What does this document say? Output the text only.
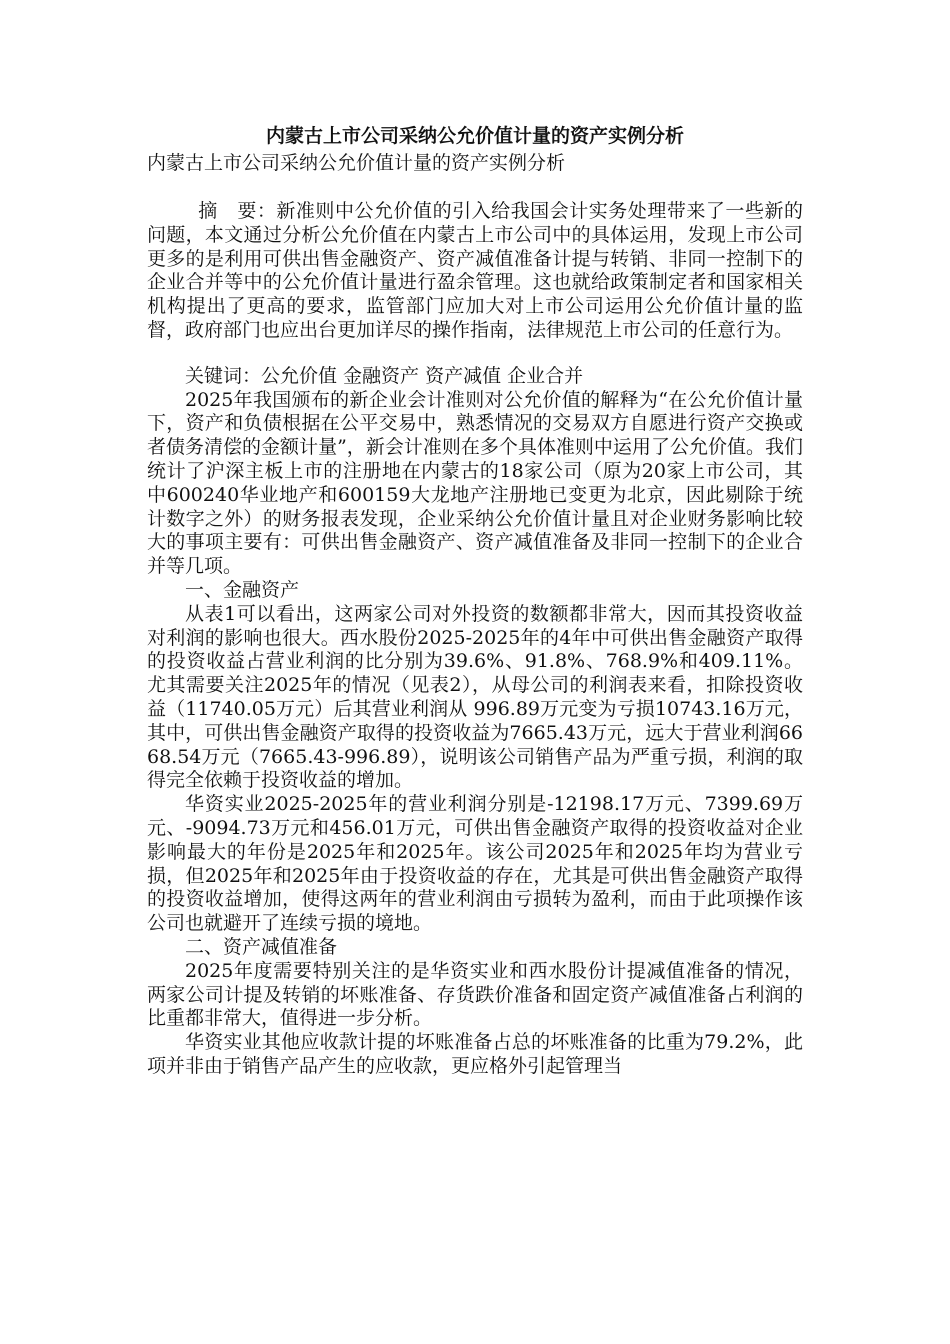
内蒙古上市公司采纳公允价值计量的资产实例分析

内蒙古上市公司采纳公允价值计量的资产实例分析

摘　要：新准则中公允价值的引入给我国会计实务处理带来了一些新的问题，本文通过分析公允价值在内蒙古上市公司中的具体运用，发现上市公司更多的是利用可供出售金融资产、资产减值准备计提与转销、非同一控制下的企业合并等中的公允价值计量进行盈余管理。这也就给政策制定者和国家相关机构提出了更高的要求，监管部门应加大对上市公司运用公允价值计量的监督，政府部门也应出台更加详尽的操作指南，法律规范上市公司的任意行为。

关键词：公允价值 金融资产 资产减值 企业合并

2025年我国颁布的新企业会计准则对公允价值的解释为“在公允价值计量下，资产和负债根据在公平交易中，熟悉情况的交易双方自愿进行资产交换或者债务清偿的金额计量”，新会计准则在多个具体准则中运用了公允价值。我们统计了沪深主板上市的注册地在内蒙古的18家公司（原为20家上市公司，其中600240华业地产和600159大龙地产注册地已变更为北京，因此剔除于统计数字之外）的财务报表发现，企业采纳公允价值计量且对企业财务影响比较大的事项主要有：可供出售金融资产、资产减值准备及非同一控制下的企业合并等几项。

一、金融资产

从表1可以看出，这两家公司对外投资的数额都非常大，因而其投资收益对利润的影响也很大。西水股份2025-2025年的4年中可供出售金融资产取得的投资收益占营业利润的比分别为39.6%、91.8%、768.9%和409.11%。尤其需要关注2025年的情况（见表2），从母公司的利润表来看，扣除投资收益（11740.05万元）后其营业利润从 996.89万元变为亏损10743.16万元，其中，可供出售金融资产取得的投资收益为7665.43万元，远大于营业利润6668.54万元（7665.43-996.89），说明该公司销售产品为严重亏损，利润的取得完全依赖于投资收益的增加。

华资实业2025-2025年的营业利润分别是-12198.17万元、7399.69万元、-9094.73万元和456.01万元，可供出售金融资产取得的投资收益对企业影响最大的年份是2025年和2025年。该公司2025年和2025年均为营业亏损，但2025年和2025年由于投资收益的存在，尤其是可供出售金融资产取得的投资收益增加，使得这两年的营业利润由亏损转为盈利，而由于此项操作该公司也就避开了连续亏损的境地。

二、资产减值准备

2025年度需要特别关注的是华资实业和西水股份计提减值准备的情况，两家公司计提及转销的坏账准备、存货跌价准备和固定资产减值准备占利润的比重都非常大，值得进一步分析。

华资实业其他应收款计提的坏账准备占总的坏账准备的比重为79.2%，此项并非由于销售产品产生的应收款，更应格外引起管理当
